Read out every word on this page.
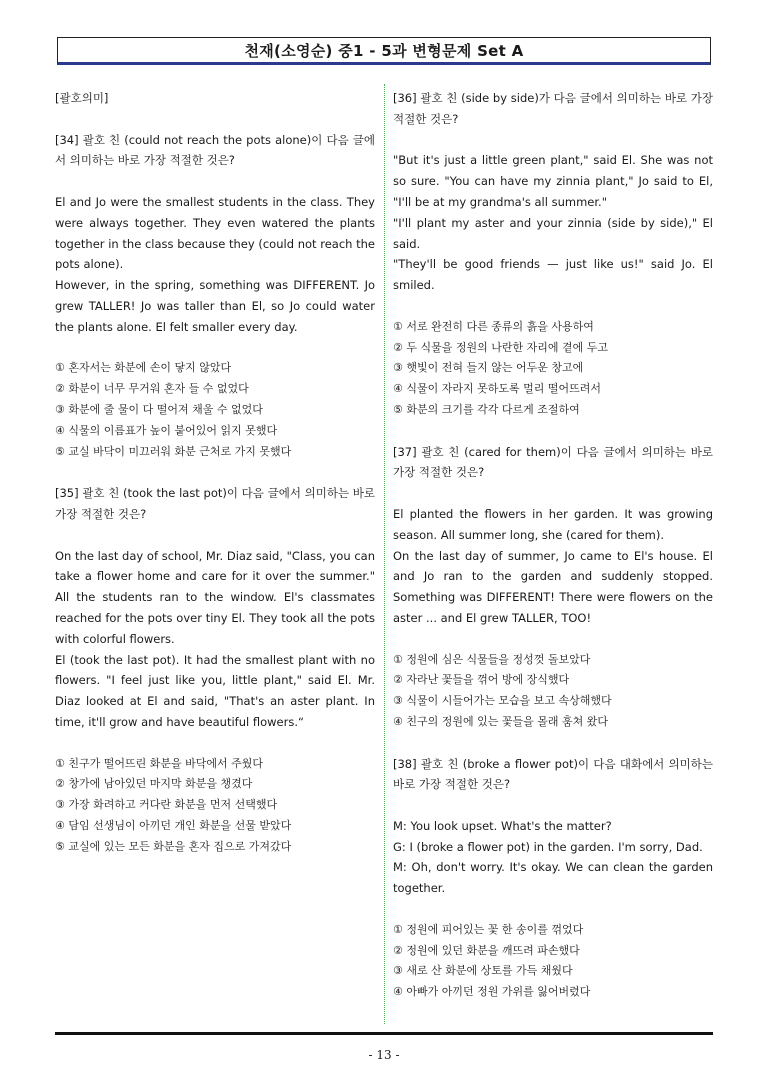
천재(소영순) 중1 - 5과 변형문제 Set A

[괄호의미]

[34] 괄호 친 (could not reach the pots alone)이 다음 글에서 의미하는 바로 가장 적절한 것은?

El and Jo were the smallest students in the class. They were always together. They even watered the plants together in the class because they (could not reach the pots alone).

However, in the spring, something was DIFFERENT. Jo grew TALLER! Jo was taller than El, so Jo could water the plants alone. El felt smaller every day.

① 혼자서는 화분에 손이 닿지 않았다

② 화분이 너무 무거워 혼자 들 수 없었다

③ 화분에 줄 물이 다 떨어져 채울 수 없었다

④ 식물의 이름표가 높이 붙어있어 읽지 못했다

⑤ 교실 바닥이 미끄러워 화분 근처로 가지 못했다

[35] 괄호 친 (took the last pot)이 다음 글에서 의미하는 바로 가장 적절한 것은?

On the last day of school, Mr. Diaz said, "Class, you can take a flower home and care for it over the summer." All the students ran to the window. El's classmates reached for the pots over tiny El. They took all the pots with colorful flowers.

El (took the last pot). It had the smallest plant with no flowers. "I feel just like you, little plant," said El. Mr. Diaz looked at El and said, "That's an aster plant. In time, it'll grow and have beautiful flowers.“

① 친구가 떨어뜨린 화분을 바닥에서 주웠다

② 창가에 남아있던 마지막 화분을 챙겼다

③ 가장 화려하고 커다란 화분을 먼저 선택했다

④ 담임 선생님이 아끼던 개인 화분을 선물 받았다

⑤ 교실에 있는 모든 화분을 혼자 집으로 가져갔다

[36] 괄호 친 (side by side)가 다음 글에서 의미하는 바로 가장 적절한 것은?

"But it's just a little green plant," said El. She was not so sure. "You can have my zinnia plant," Jo said to El, "I'll be at my grandma's all summer."

"I'll plant my aster and your zinnia (side by side)," El said.

"They'll be good friends — just like us!" said Jo. El smiled.

① 서로 완전히 다른 종류의 흙을 사용하여

② 두 식물을 정원의 나란한 자리에 곁에 두고

③ 햇빛이 전혀 들지 않는 어두운 창고에

④ 식물이 자라지 못하도록 멀리 떨어뜨려서

⑤ 화분의 크기를 각각 다르게 조절하여

[37] 괄호 친 (cared for them)이 다음 글에서 의미하는 바로 가장 적절한 것은?

El planted the flowers in her garden. It was growing season. All summer long, she (cared for them).

On the last day of summer, Jo came to El's house. El and Jo ran to the garden and suddenly stopped. Something was DIFFERENT! There were flowers on the aster ... and El grew TALLER, TOO!

① 정원에 심은 식물들을 정성껏 돌보았다

② 자라난 꽃들을 꺾어 방에 장식했다

③ 식물이 시들어가는 모습을 보고 속상해했다

④ 친구의 정원에 있는 꽃들을 몰래 훔쳐 왔다

[38] 괄호 친 (broke a flower pot)이 다음 대화에서 의미하는 바로 가장 적절한 것은?

M: You look upset. What's the matter?

G: I (broke a flower pot) in the garden. I'm sorry, Dad.

M: Oh, don't worry. It's okay. We can clean the garden together.

① 정원에 피어있는 꽃 한 송이를 꺾었다

② 정원에 있던 화분을 깨뜨려 파손했다

③ 새로 산 화분에 상토를 가득 채웠다

④ 아빠가 아끼던 정원 가위를 잃어버렸다

- 13 -
